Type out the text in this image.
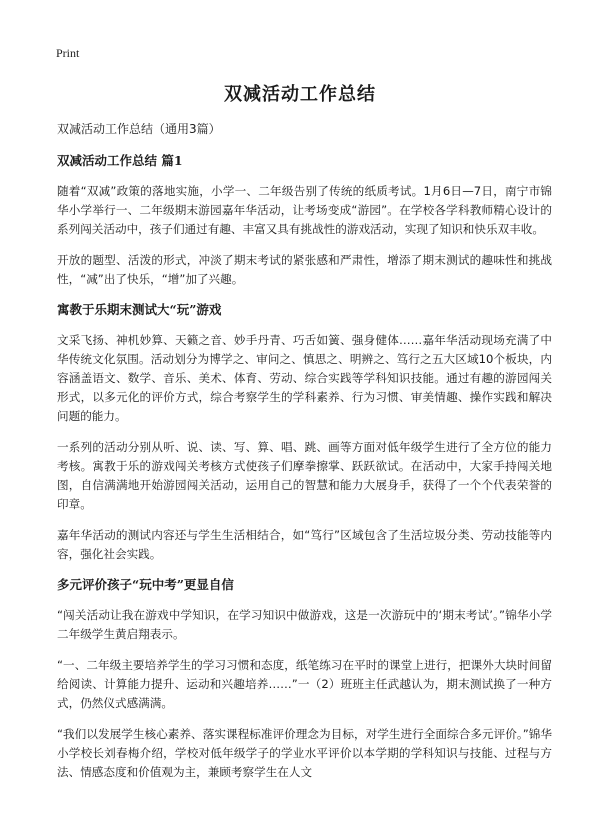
Print
双减活动工作总结
双减活动工作总结（通用3篇）
双减活动工作总结 篇1

随着“双减”政策的落地实施，小学一、二年级告别了传统的纸质考试。1月6日—7日，南宁市锦华小学举行一、二年级期末游园嘉年华活动，让考场变成“游园”。在学校各学科教师精心设计的系列闯关活动中，孩子们通过有趣、丰富又具有挑战性的游戏活动，实现了知识和快乐双丰收。

开放的题型、活泼的形式，冲淡了期末考试的紧张感和严肃性，增添了期末测试的趣味性和挑战性，“减”出了快乐，“增”加了兴趣。

寓教于乐期末测试大“玩”游戏

文采飞扬、神机妙算、天籁之音、妙手丹青、巧舌如簧、强身健体……嘉年华活动现场充满了中华传统文化氛围。活动划分为博学之、审问之、慎思之、明辨之、笃行之五大区域10个板块，内容涵盖语文、数学、音乐、美术、体育、劳动、综合实践等学科知识技能。通过有趣的游园闯关形式，以多元化的评价方式，综合考察学生的学科素养、行为习惯、审美情趣、操作实践和解决问题的能力。

一系列的活动分别从听、说、读、写、算、唱、跳、画等方面对低年级学生进行了全方位的能力考核。寓教于乐的游戏闯关考核方式使孩子们摩拳擦掌、跃跃欲试。在活动中，大家手持闯关地图，自信满满地开始游园闯关活动，运用自己的智慧和能力大展身手，获得了一个个代表荣誉的印章。

嘉年华活动的测试内容还与学生生活相结合，如“笃行”区域包含了生活垃圾分类、劳动技能等内容，强化社会实践。

多元评价孩子“玩中考”更显自信

“闯关活动让我在游戏中学知识，在学习知识中做游戏，这是一次游玩中的‘期末考试’。”锦华小学二年级学生黄启翔表示。

“一、二年级主要培养学生的学习习惯和态度，纸笔练习在平时的课堂上进行，把课外大块时间留给阅读、计算能力提升、运动和兴趣培养……”一（2）班班主任武越认为，期末测试换了一种方式，仍然仪式感满满。

“我们以发展学生核心素养、落实课程标准评价理念为目标，对学生进行全面综合多元评价。”锦华小学校长刘春梅介绍，学校对低年级学子的学业水平评价以本学期的学科知识与技能、过程与方法、情感态度和价值观为主，兼顾考察学生在人文
